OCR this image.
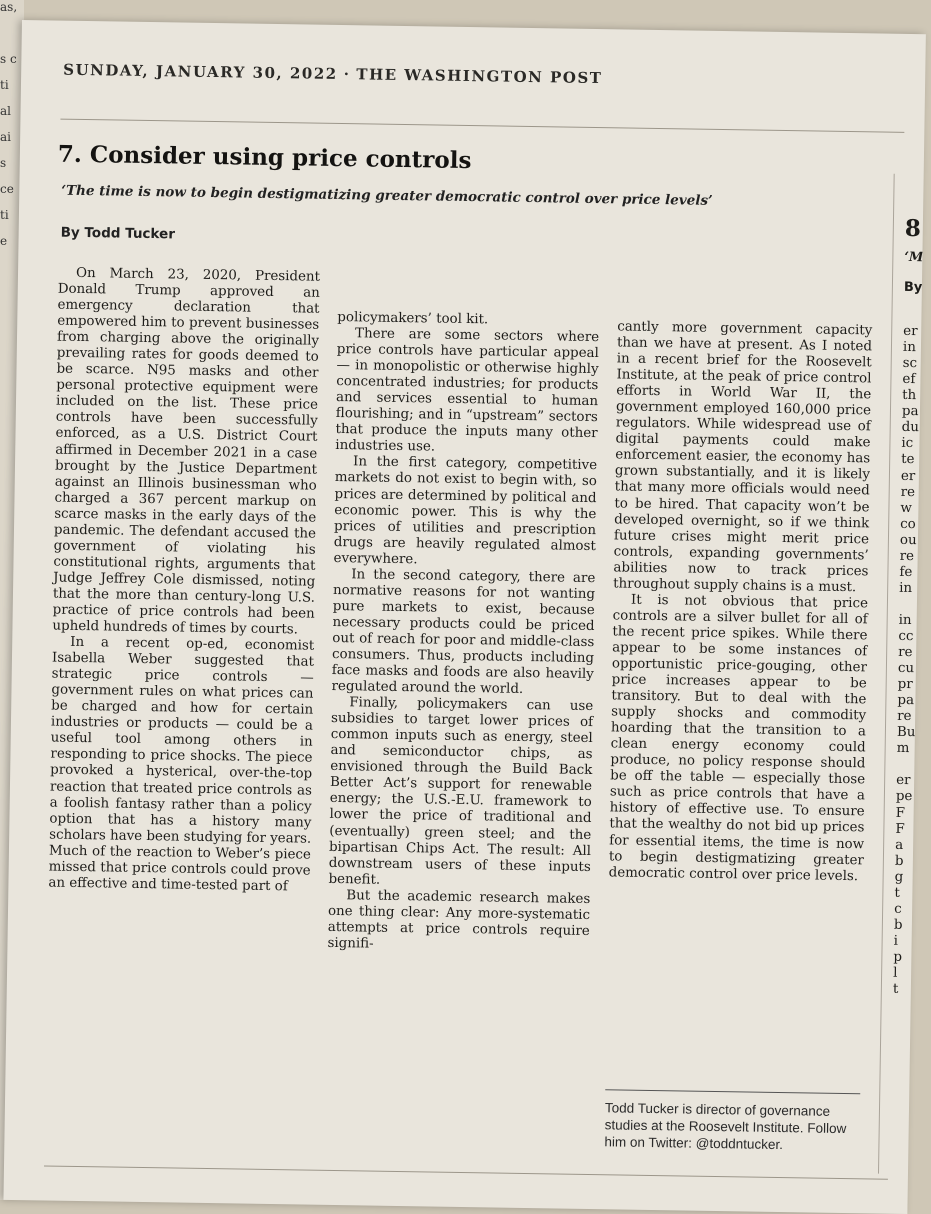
as,
s c
ti
al
ai
s
ce
ti
e
SUNDAY, JANUARY 30, 2022 · THE WASHINGTON POST
7. Consider using price controls
‘The time is now to begin destigmatizing greater democratic control over price levels’
By Todd Tucker

On March 23, 2020, President Donald Trump approved an emergency declaration that empowered him to prevent businesses from charging above the originally prevailing rates for goods deemed to be scarce. N95 masks and other personal protective equipment were included on the list. These price controls have been successfully enforced, as a U.S. District Court affirmed in December 2021 in a case brought by the Justice Department against an Illinois businessman who charged a 367 percent markup on scarce masks in the early days of the pandemic. The defendant accused the government of violating his constitutional rights, arguments that Judge Jeffrey Cole dismissed, noting that the more than century-long U.S. practice of price controls had been upheld hundreds of times by courts.

In a recent op-ed, economist Isabella Weber suggested that strategic price controls — government rules on what prices can be charged and how for certain industries or products — could be a useful tool among others in responding to price shocks. The piece provoked a hysterical, over-the-top reaction that treated price controls as a foolish fantasy rather than a policy option that has a history many scholars have been studying for years. Much of the reaction to Weber’s piece missed that price controls could prove an effective and time-tested part of

policymakers’ tool kit.

There are some sectors where price controls have particular appeal — in monopolistic or otherwise highly concentrated industries; for products and services essential to human flourishing; and in “upstream” sectors that produce the inputs many other industries use.

In the first category, competitive markets do not exist to begin with, so prices are determined by political and economic power. This is why the prices of utilities and prescription drugs are heavily regulated almost everywhere.

In the second category, there are normative reasons for not wanting pure markets to exist, because necessary products could be priced out of reach for poor and middle-class consumers. Thus, products including face masks and foods are also heavily regulated around the world.

Finally, policymakers can use subsidies to target lower prices of common inputs such as energy, steel and semiconductor chips, as envisioned through the Build Back Better Act’s support for renewable energy; the U.S.-E.U. framework to lower the price of traditional and (eventually) green steel; and the bipartisan Chips Act. The result: All downstream users of these inputs benefit.

But the academic research makes one thing clear: Any more-systematic attempts at price controls require signifi-

cantly more government capacity than we have at present. As I noted in a recent brief for the Roosevelt Institute, at the peak of price control efforts in World War II, the government employed 160,000 price regulators. While widespread use of digital payments could make enforcement easier, the economy has grown substantially, and it is likely that many more officials would need to be hired. That capacity won’t be developed overnight, so if we think future crises might merit price controls, expanding governments’ abilities now to track prices throughout supply chains is a must.

It is not obvious that price controls are a silver bullet for all of the recent price spikes. While there appear to be some instances of opportunistic price-gouging, other price increases appear to be transitory. But to deal with the supply shocks and commodity hoarding that the transition to a clean energy economy could produce, no policy response should be off the table — especially those such as price controls that have a history of effective use. To ensure that the wealthy do not bid up prices for essential items, the time is now to begin destigmatizing greater democratic control over price levels.

Todd Tucker is director of governance studies at the Roosevelt Institute. Follow him on Twitter: @toddntucker.
8
‘M
By
er
in
sc
ef
th
pa
du
ic
te
er
re
w
co
ou
re
fe
in

in
cc
re
cu
pr
pa
re
Bu
m

er
pe
F
F
a
b
g
t
c
b
i
p
l
t
